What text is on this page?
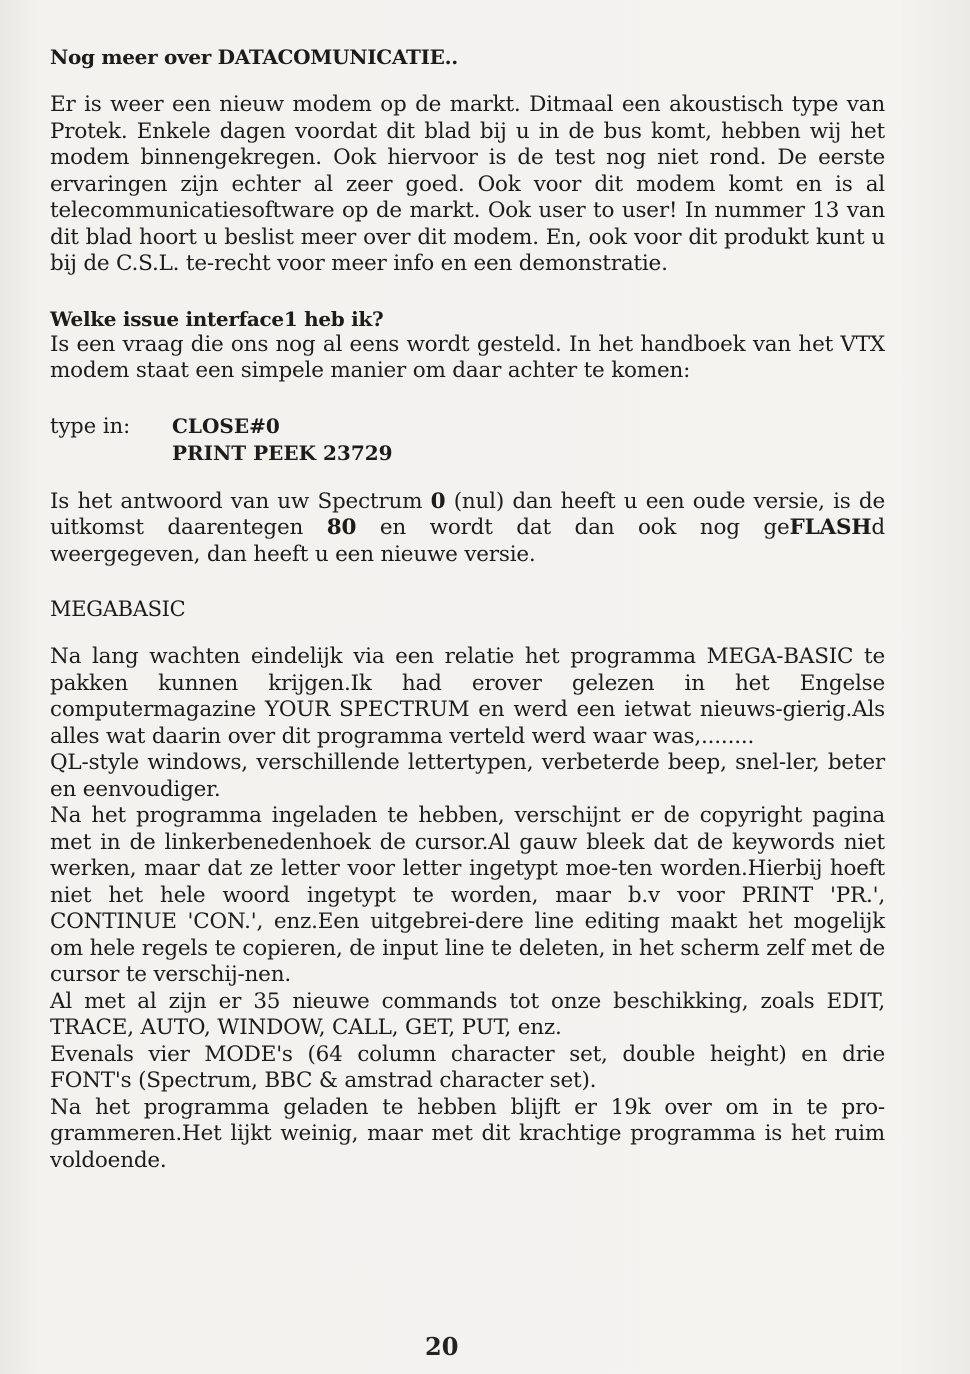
Nog meer over DATACOMUNICATIE..

Er is weer een nieuw modem op de markt. Ditmaal een akoustisch type van Protek. Enkele dagen voordat dit blad bij u in de bus komt, hebben wij het modem binnengekregen. Ook hiervoor is de test nog niet rond. De eerste ervaringen zijn echter al zeer goed. Ook voor dit modem komt en is al telecommunicatiesoftware op de markt. Ook user to user! In nummer 13 van dit blad hoort u beslist meer over dit modem. En, ook voor dit produkt kunt u bij de C.S.L. te-recht voor meer info en een demonstratie.

Welke issue interface1 heb ik?

Is een vraag die ons nog al eens wordt gesteld. In het handboek van het VTX modem staat een simpele manier om daar achter te komen:

type in:	CLOSE#0
PRINT PEEK 23729

Is het antwoord van uw Spectrum 0 (nul) dan heeft u een oude versie, is de uitkomst daarentegen 80 en wordt dat dan ook nog geFLASHd weergegeven, dan heeft u een nieuwe versie.

MEGABASIC

Na lang wachten eindelijk via een relatie het programma MEGA-BASIC te pakken kunnen krijgen.Ik had erover gelezen in het Engelse computermagazine YOUR SPECTRUM en werd een ietwat nieuws-gierig.Als alles wat daarin over dit programma verteld werd waar was,........

QL-style windows, verschillende lettertypen, verbeterde beep, snel-ler, beter en eenvoudiger.

Na het programma ingeladen te hebben, verschijnt er de copyright pagina met in de linkerbenedenhoek de cursor.Al gauw bleek dat de keywords niet werken, maar dat ze letter voor letter ingetypt moe-ten worden.Hierbij hoeft niet het hele woord ingetypt te worden, maar b.v voor PRINT 'PR.', CONTINUE 'CON.', enz.Een uitgebrei-dere line editing maakt het mogelijk om hele regels te copieren, de input line te deleten, in het scherm zelf met de cursor te verschij-nen.

Al met al zijn er 35 nieuwe commands tot onze beschikking, zoals EDIT, TRACE, AUTO, WINDOW, CALL, GET, PUT, enz.

Evenals vier MODE's (64 column character set, double height) en drie FONT's (Spectrum, BBC & amstrad character set).

Na het programma geladen te hebben blijft er 19k over om in te pro-grammeren.Het lijkt weinig, maar met dit krachtige programma is het ruim voldoende.

20
